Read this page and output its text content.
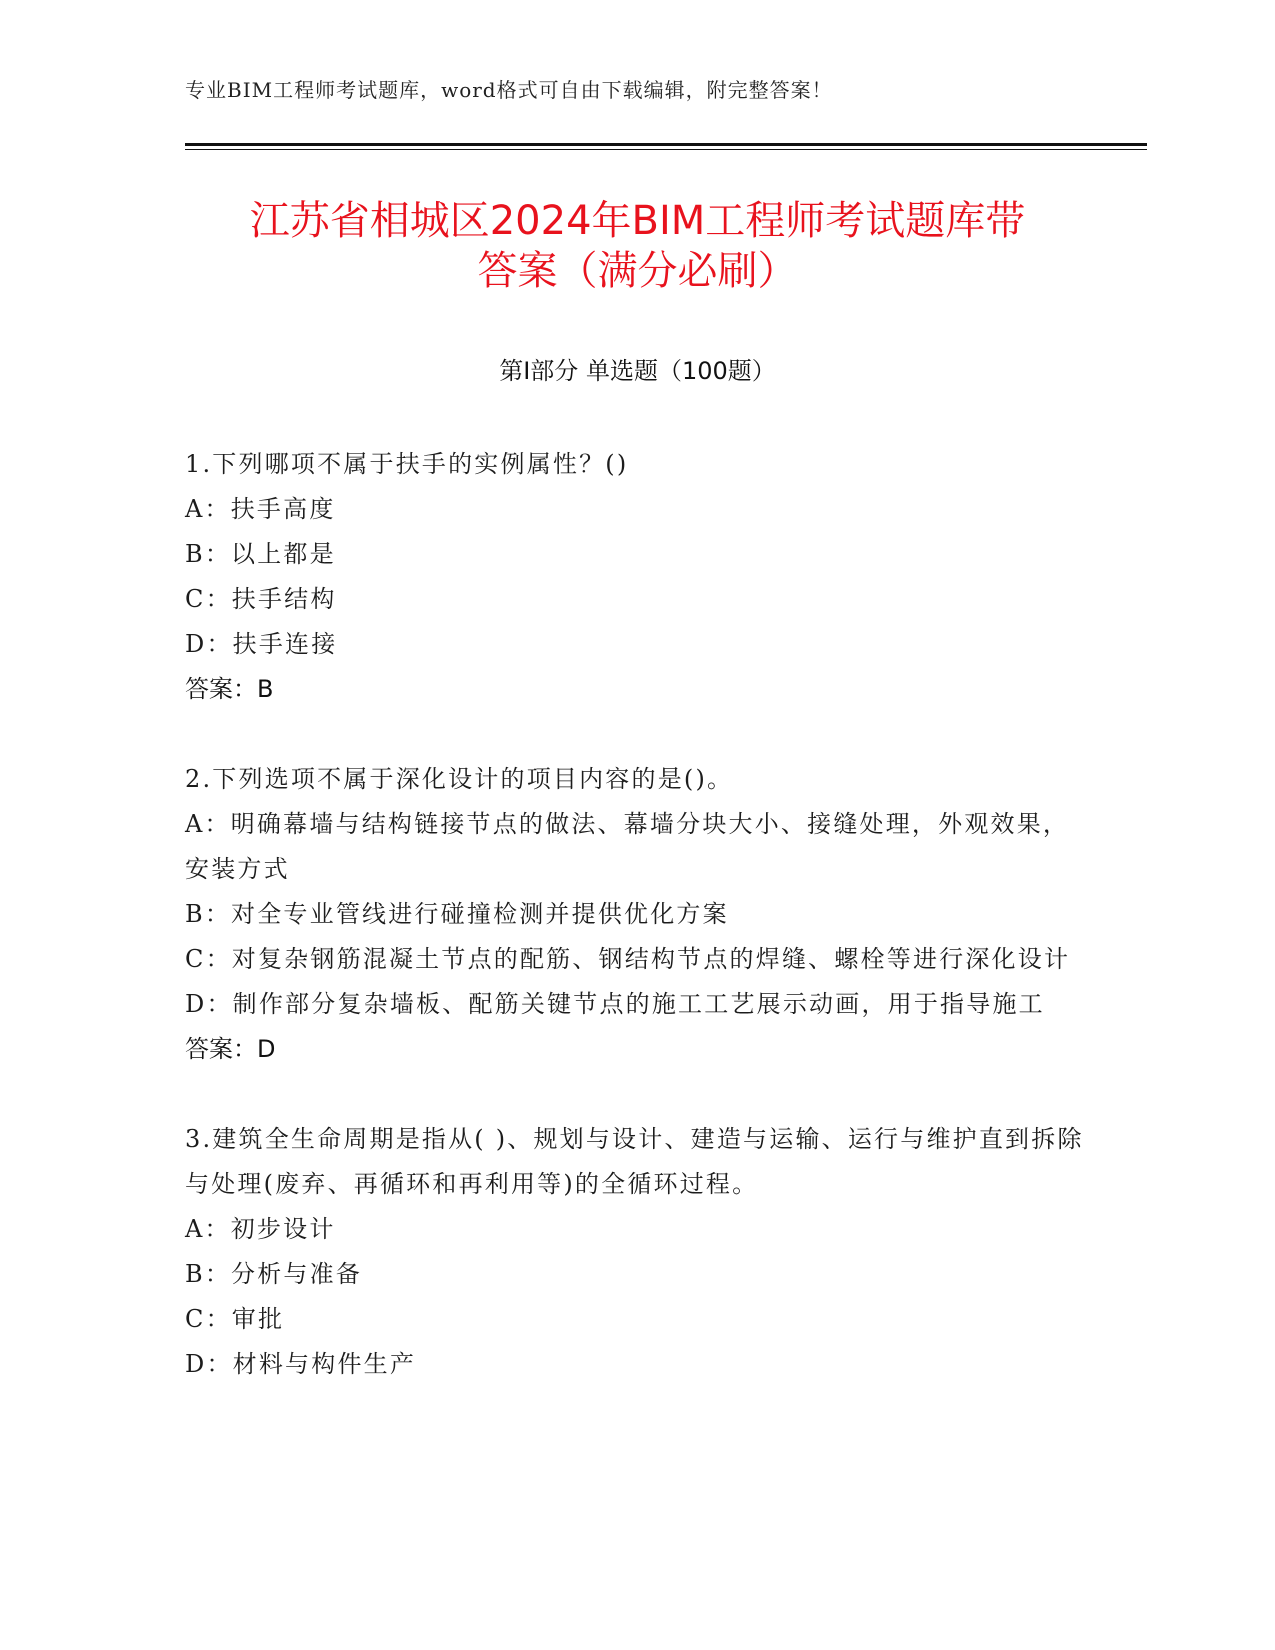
专业BIM工程师考试题库，word格式可自由下载编辑，附完整答案！
江苏省相城区2024年BIM工程师考试题库带
答案（满分必刷）
第I部分 单选题（100题）
1.下列哪项不属于扶手的实例属性？()
A：扶手高度
B：以上都是
C：扶手结构
D：扶手连接
答案：B
2.下列选项不属于深化设计的项目内容的是()。
A：明确幕墙与结构链接节点的做法、幕墙分块大小、接缝处理，外观效果，安装方式
B：对全专业管线进行碰撞检测并提供优化方案
C：对复杂钢筋混凝土节点的配筋、钢结构节点的焊缝、螺栓等进行深化设计
D：制作部分复杂墙板、配筋关键节点的施工工艺展示动画，用于指导施工
答案：D
3.建筑全生命周期是指从( )、规划与设计、建造与运输、运行与维护直到拆除与处理(废弃、再循环和再利用等)的全循环过程。
A：初步设计
B：分析与准备
C：审批
D：材料与构件生产
